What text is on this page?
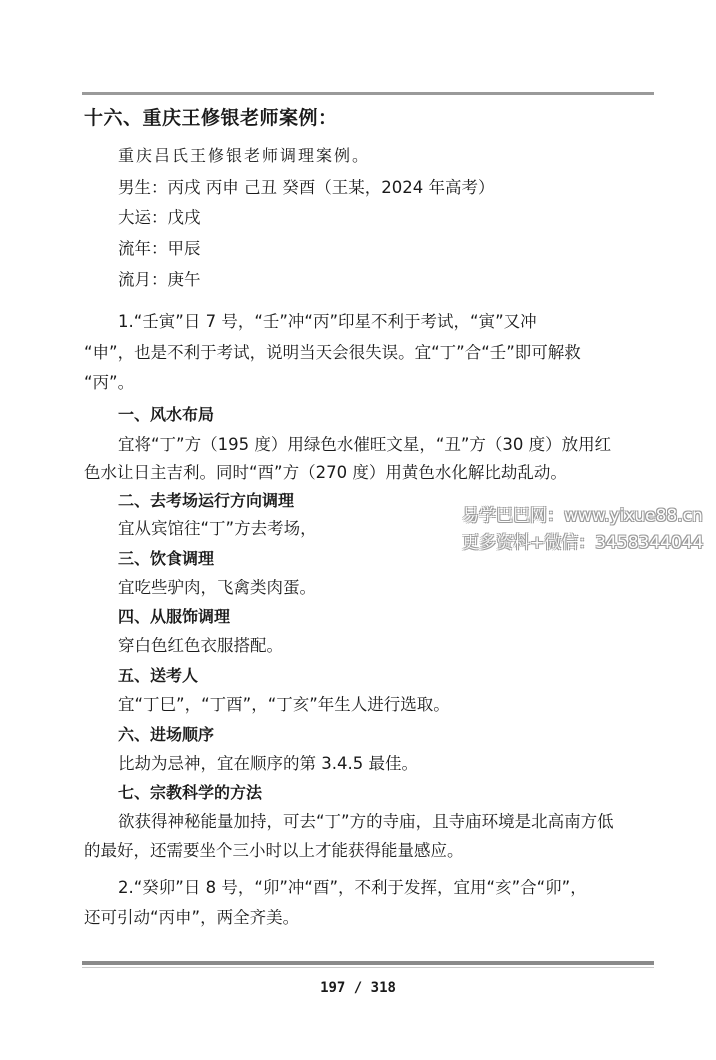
十六、重庆王修银老师案例：
重庆吕氏王修银老师调理案例。
男生：丙戌 丙申 己丑 癸酉（王某，2024 年高考）
大运：戊戌
流年：甲辰
流月：庚午
1.“壬寅”日 7 号，“壬”冲“丙”印星不利于考试，“寅”又冲
“申”，也是不利于考试，说明当天会很失误。宜“丁”合“壬”即可解救
“丙”。
一、风水布局
宜将“丁”方（195 度）用绿色水催旺文星，“丑”方（30 度）放用红
色水让日主吉利。同时“酉”方（270 度）用黄色水化解比劫乱动。
二、去考场运行方向调理
宜从宾馆往“丁”方去考场，
三、饮食调理
宜吃些驴肉，飞禽类肉蛋。
四、从服饰调理
穿白色红色衣服搭配。
五、送考人
宜“丁巳”，“丁酉”，“丁亥”年生人进行选取。
六、进场顺序
比劫为忌神，宜在顺序的第 3.4.5 最佳。
七、宗教科学的方法
欲获得神秘能量加持，可去“丁”方的寺庙，且寺庙环境是北高南方低
的最好，还需要坐个三小时以上才能获得能量感应。
2.“癸卯”日 8 号，“卯”冲“酉”，不利于发挥，宜用“亥”合“卯”，
还可引动“丙申”，两全齐美。
易学巴巴网：www.yixue88.cn
更多资料+微信：3458344044
197 / 318
